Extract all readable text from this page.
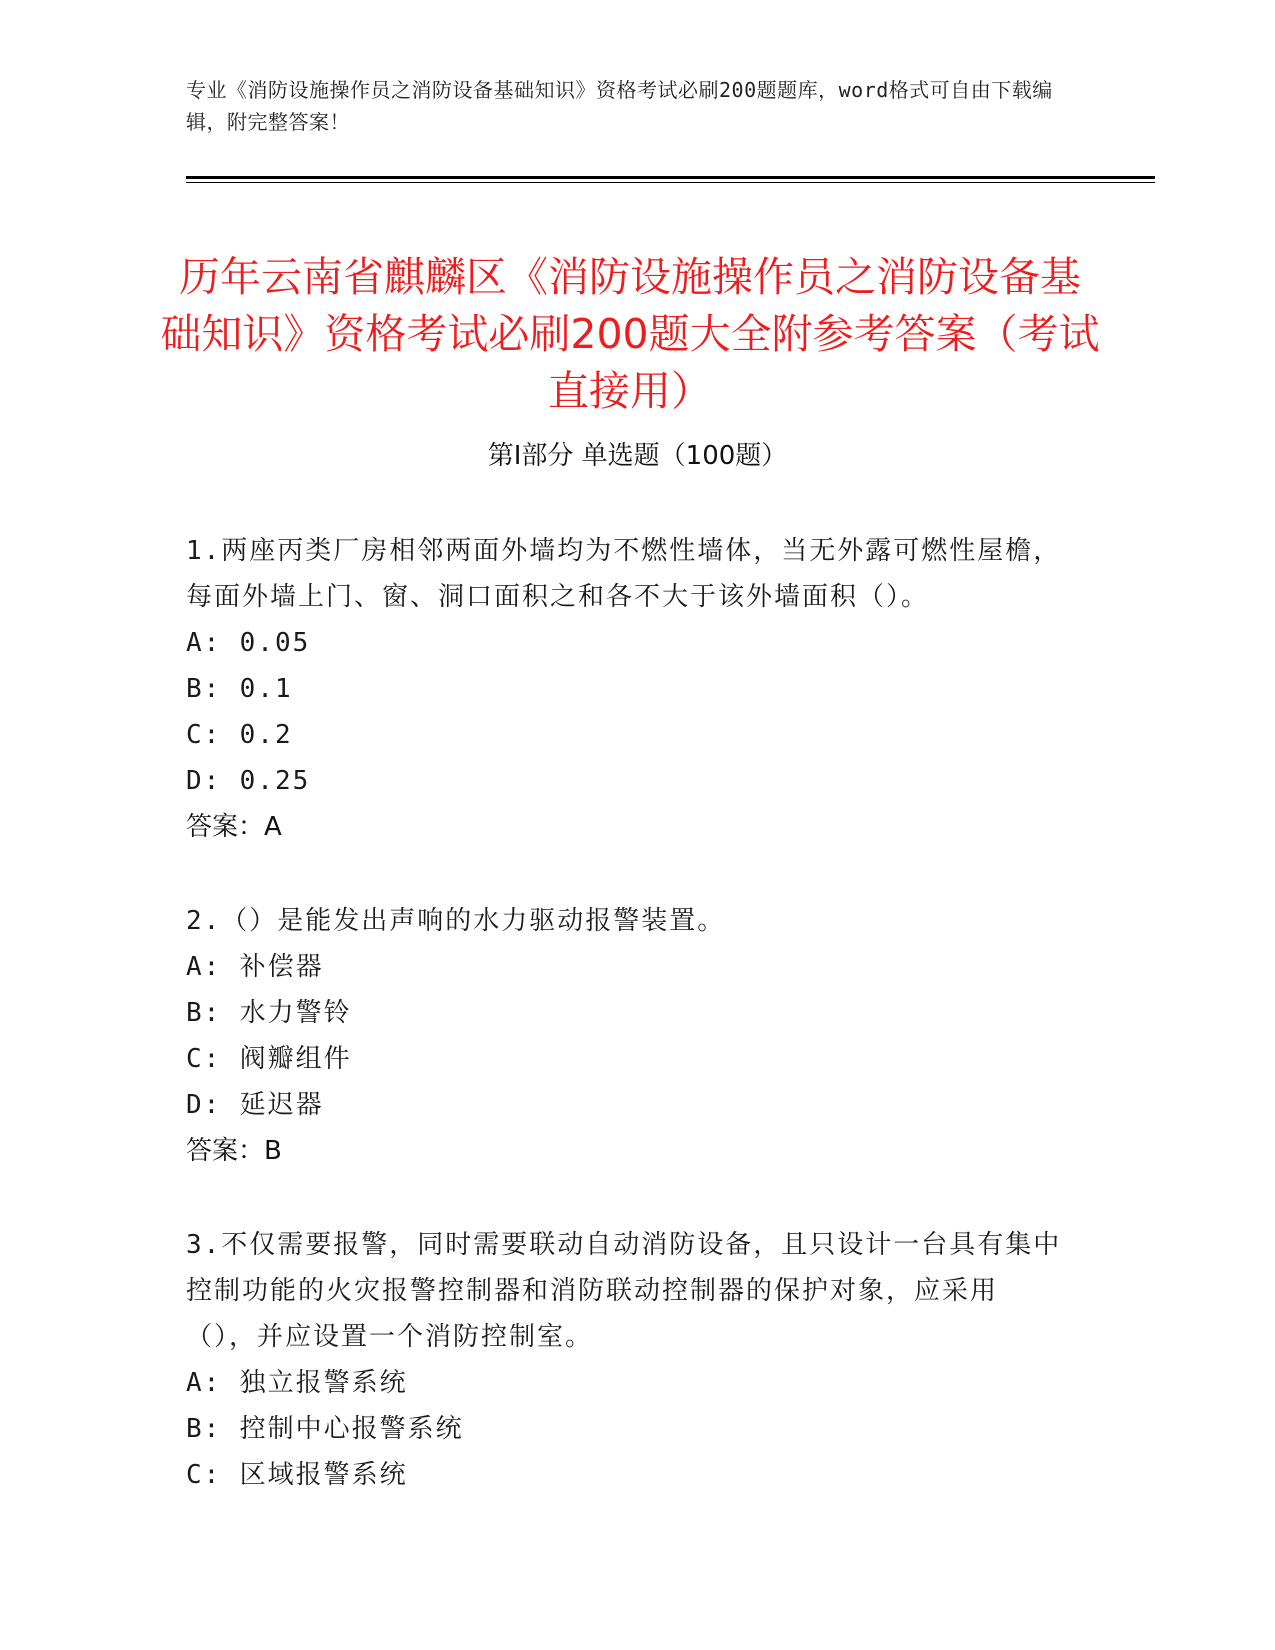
专业《消防设施操作员之消防设备基础知识》资格考试必刷200题题库，word格式可自由下载编辑，附完整答案！
历年云南省麒麟区《消防设施操作员之消防设备基础知识》资格考试必刷200题大全附参考答案（考试直接用）
第Ⅰ部分 单选题（100题）

1.两座丙类厂房相邻两面外墙均为不燃性墙体，当无外露可燃性屋檐，每面外墙上门、窗、洞口面积之和各不大于该外墙面积（）。

A: 0.05

B: 0.1

C: 0.2

D: 0.25

答案：A

2.（）是能发出声响的水力驱动报警装置。

A: 补偿器

B: 水力警铃

C: 阀瓣组件

D: 延迟器

答案：B

3.不仅需要报警，同时需要联动自动消防设备，且只设计一台具有集中控制功能的火灾报警控制器和消防联动控制器的保护对象，应采用（），并应设置一个消防控制室。

A: 独立报警系统

B: 控制中心报警系统

C: 区域报警系统
